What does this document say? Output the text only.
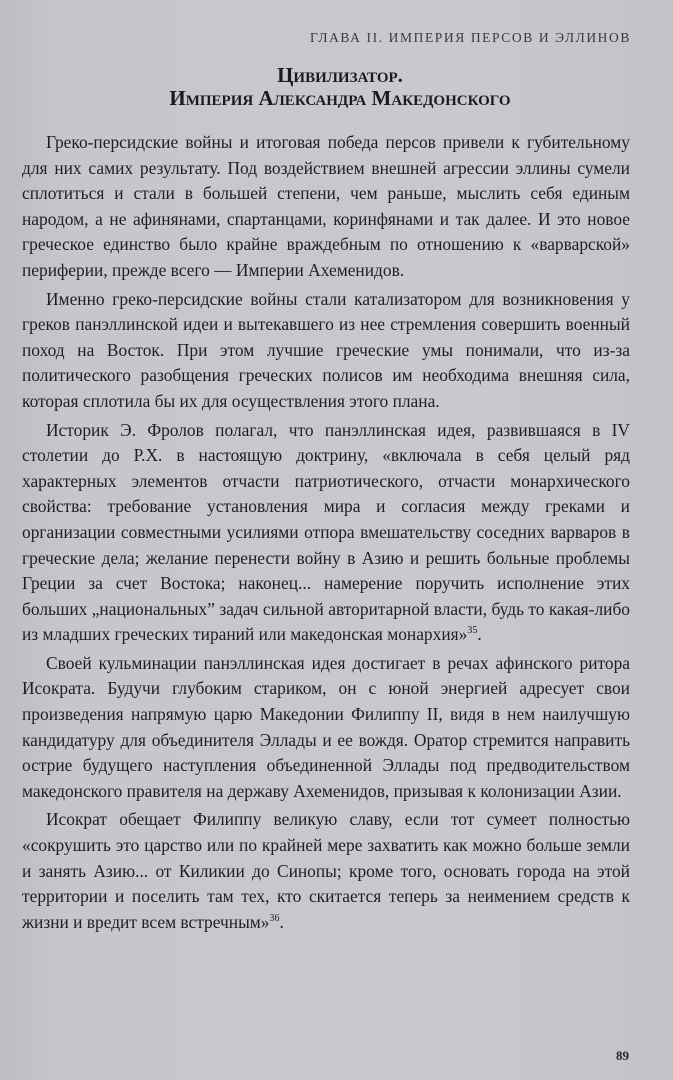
ГЛАВА II. ИМПЕРИЯ ПЕРСОВ И ЭЛЛИНОВ
Цивилизатор.
Империя Александра Македонского

Греко-персидские войны и итоговая победа персов привели к губительному для них самих результату. Под воздействием внешней агрессии эллины сумели сплотиться и стали в большей степени, чем раньше, мыслить себя единым народом, а не афинянами, спартанцами, коринфянами и так далее. И это новое греческое единство было крайне враждебным по отношению к «варварской» периферии, прежде всего — Империи Ахеменидов.

Именно греко-персидские войны стали катализатором для возникновения у греков панэллинской идеи и вытекавшего из нее стремления совершить военный поход на Восток. При этом лучшие греческие умы понимали, что из-за политического разобщения греческих полисов им необходима внешняя сила, которая сплотила бы их для осуществления этого плана.

Историк Э. Фролов полагал, что панэллинская идея, развившаяся в IV столетии до Р.Х. в настоящую доктрину, «включала в себя целый ряд характерных элементов отчасти патриотического, отчасти монархического свойства: требование установления мира и согласия между греками и организации совместными усилиями отпора вмешательству соседних варваров в греческие дела; желание перенести войну в Азию и решить больные проблемы Греции за счет Востока; наконец... намерение поручить исполнение этих больших „национальных” задач сильной авторитарной власти, будь то какая-либо из младших греческих тираний или македонская монархия»$^{35}$.

Своей кульминации панэллинская идея достигает в речах афинского ритора Исократа. Будучи глубоким стариком, он с юной энергией адресует свои произведения напрямую царю Македонии Филиппу II, видя в нем наилучшую кандидатуру для объединителя Эллады и ее вождя. Оратор стремится направить острие будущего наступления объединенной Эллады под предводительством македонского правителя на державу Ахеменидов, призывая к колонизации Азии.

Исократ обещает Филиппу великую славу, если тот сумеет полностью «сокрушить это царство или по крайней мере захватить как можно больше земли и занять Азию... от Киликии до Синопы; кроме того, основать города на этой территории и поселить там тех, кто скитается теперь за неимением средств к жизни и вредит всем встречным»$^{36}$.

89
